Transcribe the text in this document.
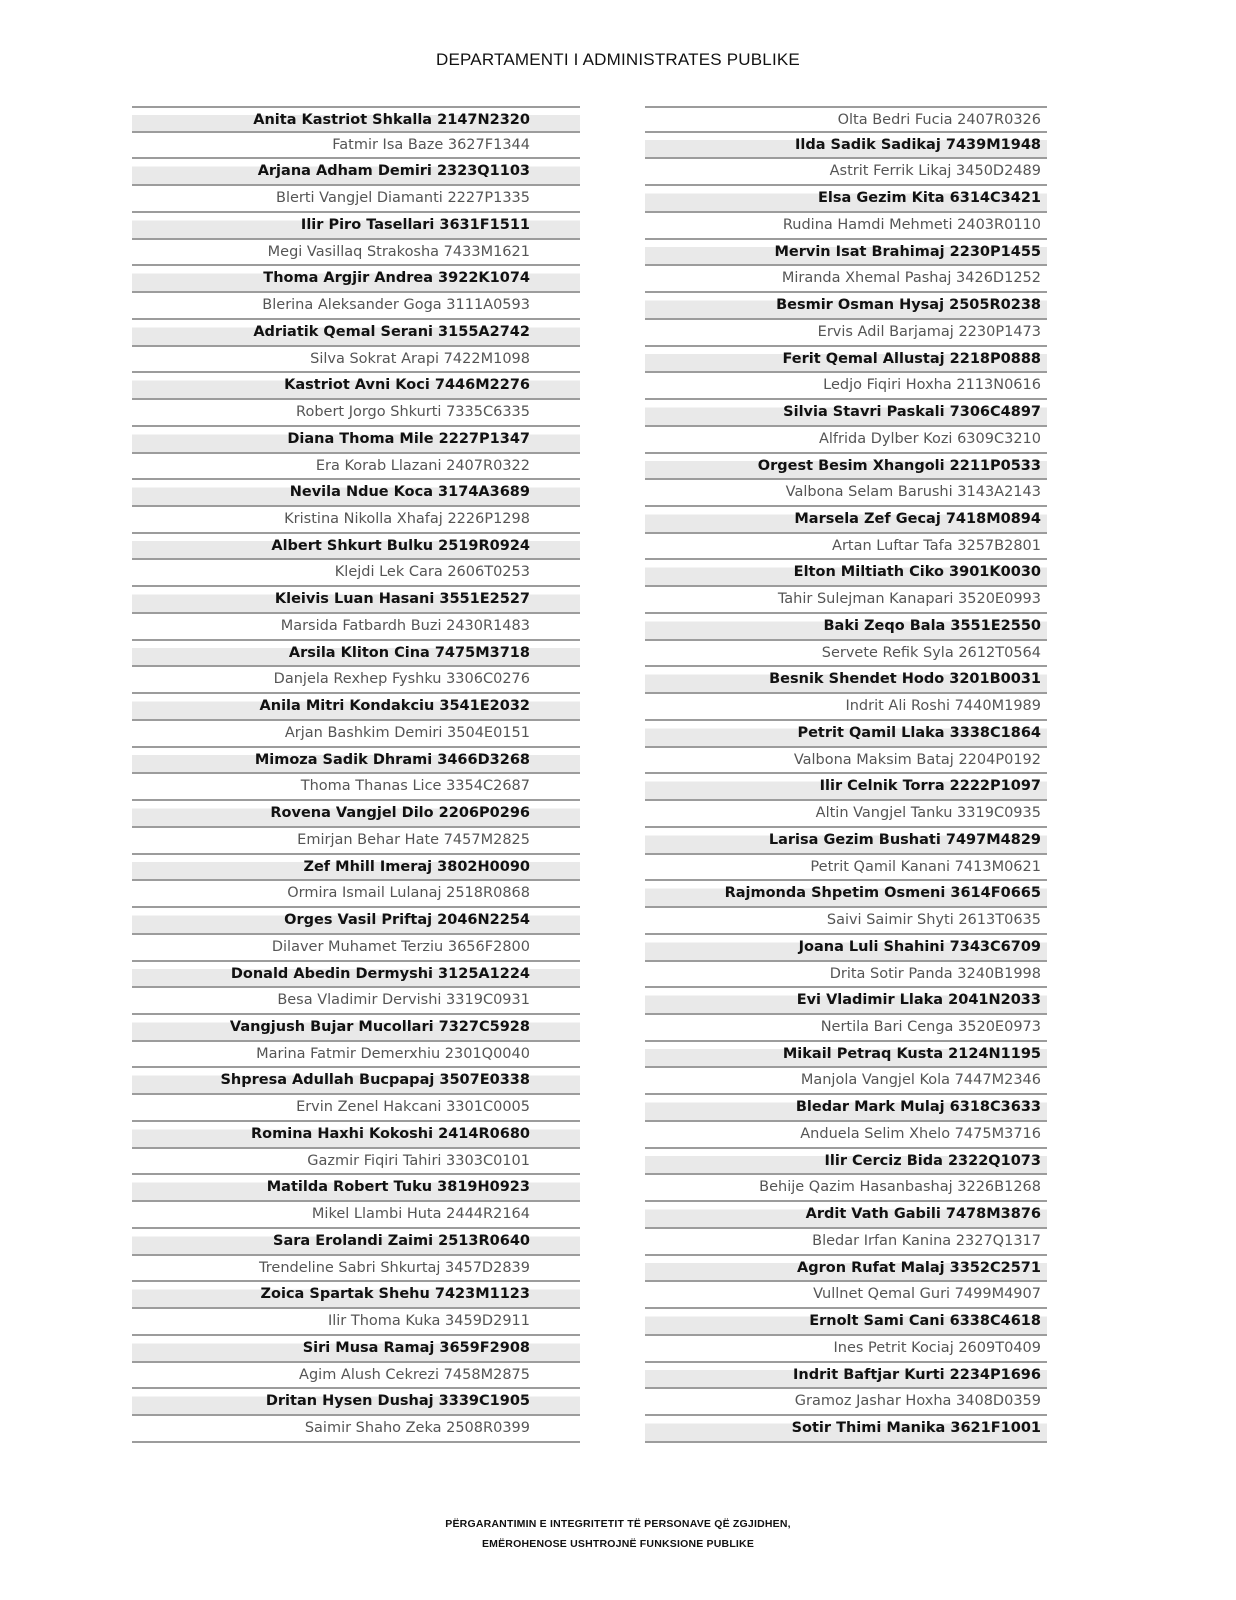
DEPARTAMENTI I ADMINISTRATES PUBLIKE
Anita Kastriot Shkalla 2147N2320
Fatmir Isa Baze 3627F1344
Arjana Adham Demiri 2323Q1103
Blerti Vangjel Diamanti 2227P1335
Ilir Piro Tasellari 3631F1511
Megi Vasillaq Strakosha 7433M1621
Thoma Argjir Andrea 3922K1074
Blerina Aleksander Goga 3111A0593
Adriatik Qemal Serani 3155A2742
Silva Sokrat Arapi 7422M1098
Kastriot Avni Koci 7446M2276
Robert Jorgo Shkurti 7335C6335
Diana Thoma Mile 2227P1347
Era Korab Llazani 2407R0322
Nevila Ndue Koca 3174A3689
Kristina Nikolla Xhafaj 2226P1298
Albert Shkurt Bulku 2519R0924
Klejdi Lek Cara 2606T0253
Kleivis Luan Hasani 3551E2527
Marsida Fatbardh Buzi 2430R1483
Arsila Kliton Cina 7475M3718
Danjela Rexhep Fyshku 3306C0276
Anila Mitri Kondakciu 3541E2032
Arjan Bashkim Demiri 3504E0151
Mimoza Sadik Dhrami 3466D3268
Thoma Thanas Lice 3354C2687
Rovena Vangjel Dilo 2206P0296
Emirjan Behar Hate 7457M2825
Zef Mhill Imeraj 3802H0090
Ormira Ismail Lulanaj 2518R0868
Orges Vasil Priftaj 2046N2254
Dilaver Muhamet Terziu 3656F2800
Donald Abedin Dermyshi 3125A1224
Besa Vladimir Dervishi 3319C0931
Vangjush Bujar Mucollari 7327C5928
Marina Fatmir Demerxhiu 2301Q0040
Shpresa Adullah Bucpapaj 3507E0338
Ervin Zenel Hakcani 3301C0005
Romina Haxhi Kokoshi 2414R0680
Gazmir Fiqiri Tahiri 3303C0101
Matilda Robert Tuku 3819H0923
Mikel Llambi Huta 2444R2164
Sara Erolandi Zaimi 2513R0640
Trendeline Sabri Shkurtaj 3457D2839
Zoica Spartak Shehu 7423M1123
Ilir Thoma Kuka 3459D2911
Siri Musa Ramaj 3659F2908
Agim Alush Cekrezi 7458M2875
Dritan Hysen Dushaj 3339C1905
Saimir Shaho Zeka 2508R0399
Olta Bedri Fucia 2407R0326
Ilda Sadik Sadikaj 7439M1948
Astrit Ferrik Likaj 3450D2489
Elsa Gezim Kita 6314C3421
Rudina Hamdi Mehmeti 2403R0110
Mervin Isat Brahimaj 2230P1455
Miranda Xhemal Pashaj 3426D1252
Besmir Osman Hysaj 2505R0238
Ervis Adil Barjamaj 2230P1473
Ferit Qemal Allustaj 2218P0888
Ledjo Fiqiri Hoxha 2113N0616
Silvia Stavri Paskali 7306C4897
Alfrida Dylber Kozi 6309C3210
Orgest Besim Xhangoli 2211P0533
Valbona Selam Barushi 3143A2143
Marsela Zef Gecaj 7418M0894
Artan Luftar Tafa 3257B2801
Elton Miltiath Ciko 3901K0030
Tahir Sulejman Kanapari 3520E0993
Baki Zeqo Bala 3551E2550
Servete Refik Syla 2612T0564
Besnik Shendet Hodo 3201B0031
Indrit Ali Roshi 7440M1989
Petrit Qamil Llaka 3338C1864
Valbona Maksim Bataj 2204P0192
Ilir Celnik Torra 2222P1097
Altin Vangjel Tanku 3319C0935
Larisa Gezim Bushati 7497M4829
Petrit Qamil Kanani 7413M0621
Rajmonda Shpetim Osmeni 3614F0665
Saivi Saimir Shyti 2613T0635
Joana Luli Shahini 7343C6709
Drita Sotir Panda 3240B1998
Evi Vladimir Llaka 2041N2033
Nertila Bari Cenga 3520E0973
Mikail Petraq Kusta 2124N1195
Manjola Vangjel Kola 7447M2346
Bledar Mark Mulaj 6318C3633
Anduela Selim Xhelo 7475M3716
Ilir Cerciz Bida 2322Q1073
Behije Qazim Hasanbashaj 3226B1268
Ardit Vath Gabili 7478M3876
Bledar Irfan Kanina 2327Q1317
Agron Rufat Malaj 3352C2571
Vullnet Qemal Guri 7499M4907
Ernolt Sami Cani 6338C4618
Ines Petrit Kociaj 2609T0409
Indrit Baftjar Kurti 2234P1696
Gramoz Jashar Hoxha 3408D0359
Sotir Thimi Manika 3621F1001
PËRGARANTIMIN E INTEGRITETIT TË PERSONAVE QË ZGJIDHEN,
EMËROHENOSE USHTROJNË FUNKSIONE PUBLIKE
